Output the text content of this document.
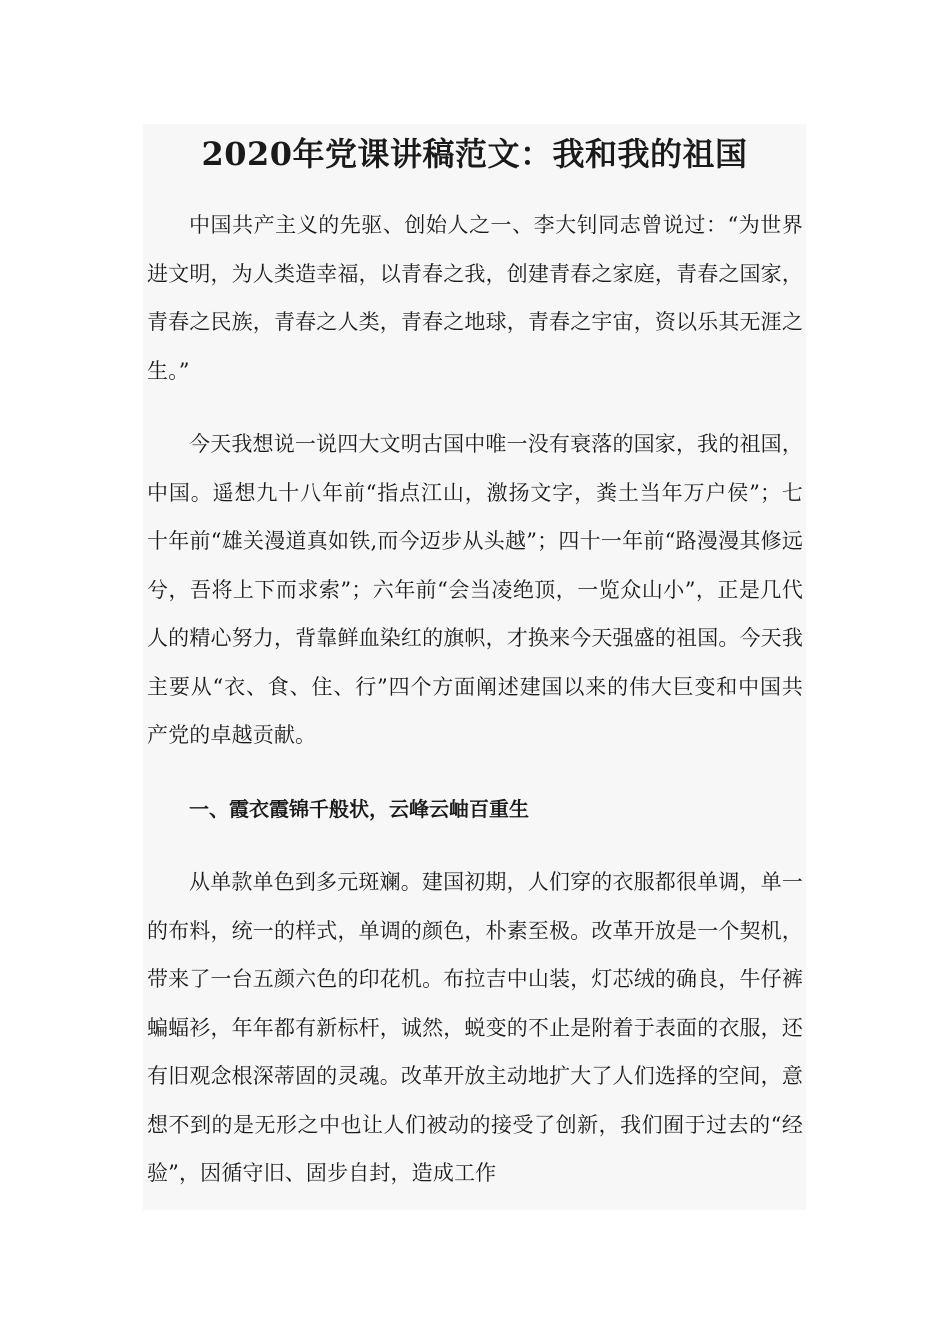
2020年党课讲稿范文：我和我的祖国

中国共产主义的先驱、创始人之一、李大钊同志曾说过：“为世界进文明，为人类造幸福，以青春之我，创建青春之家庭，青春之国家，青春之民族，青春之人类，青春之地球，青春之宇宙，资以乐其无涯之生。”

今天我想说一说四大文明古国中唯一没有衰落的国家，我的祖国，中国。遥想九十八年前“指点江山，激扬文字，粪土当年万户侯”；七十年前“雄关漫道真如铁,而今迈步从头越”；四十一年前“路漫漫其修远兮，吾将上下而求索”；六年前“会当凌绝顶，一览众山小”，正是几代人的精心努力，背靠鲜血染红的旗帜，才换来今天强盛的祖国。今天我主要从“衣、食、住、行”四个方面阐述建国以来的伟大巨变和中国共产党的卓越贡献。

一、霞衣霞锦千般状，云峰云岫百重生

从单款单色到多元斑斓。建国初期，人们穿的衣服都很单调，单一的布料，统一的样式，单调的颜色，朴素至极。改革开放是一个契机，带来了一台五颜六色的印花机。布拉吉中山装，灯芯绒的确良，牛仔裤蝙蝠衫，年年都有新标杆，诚然，蜕变的不止是附着于表面的衣服，还有旧观念根深蒂固的灵魂。改革开放主动地扩大了人们选择的空间，意想不到的是无形之中也让人们被动的接受了创新，我们囿于过去的“经验”，因循守旧、固步自封，造成工作
